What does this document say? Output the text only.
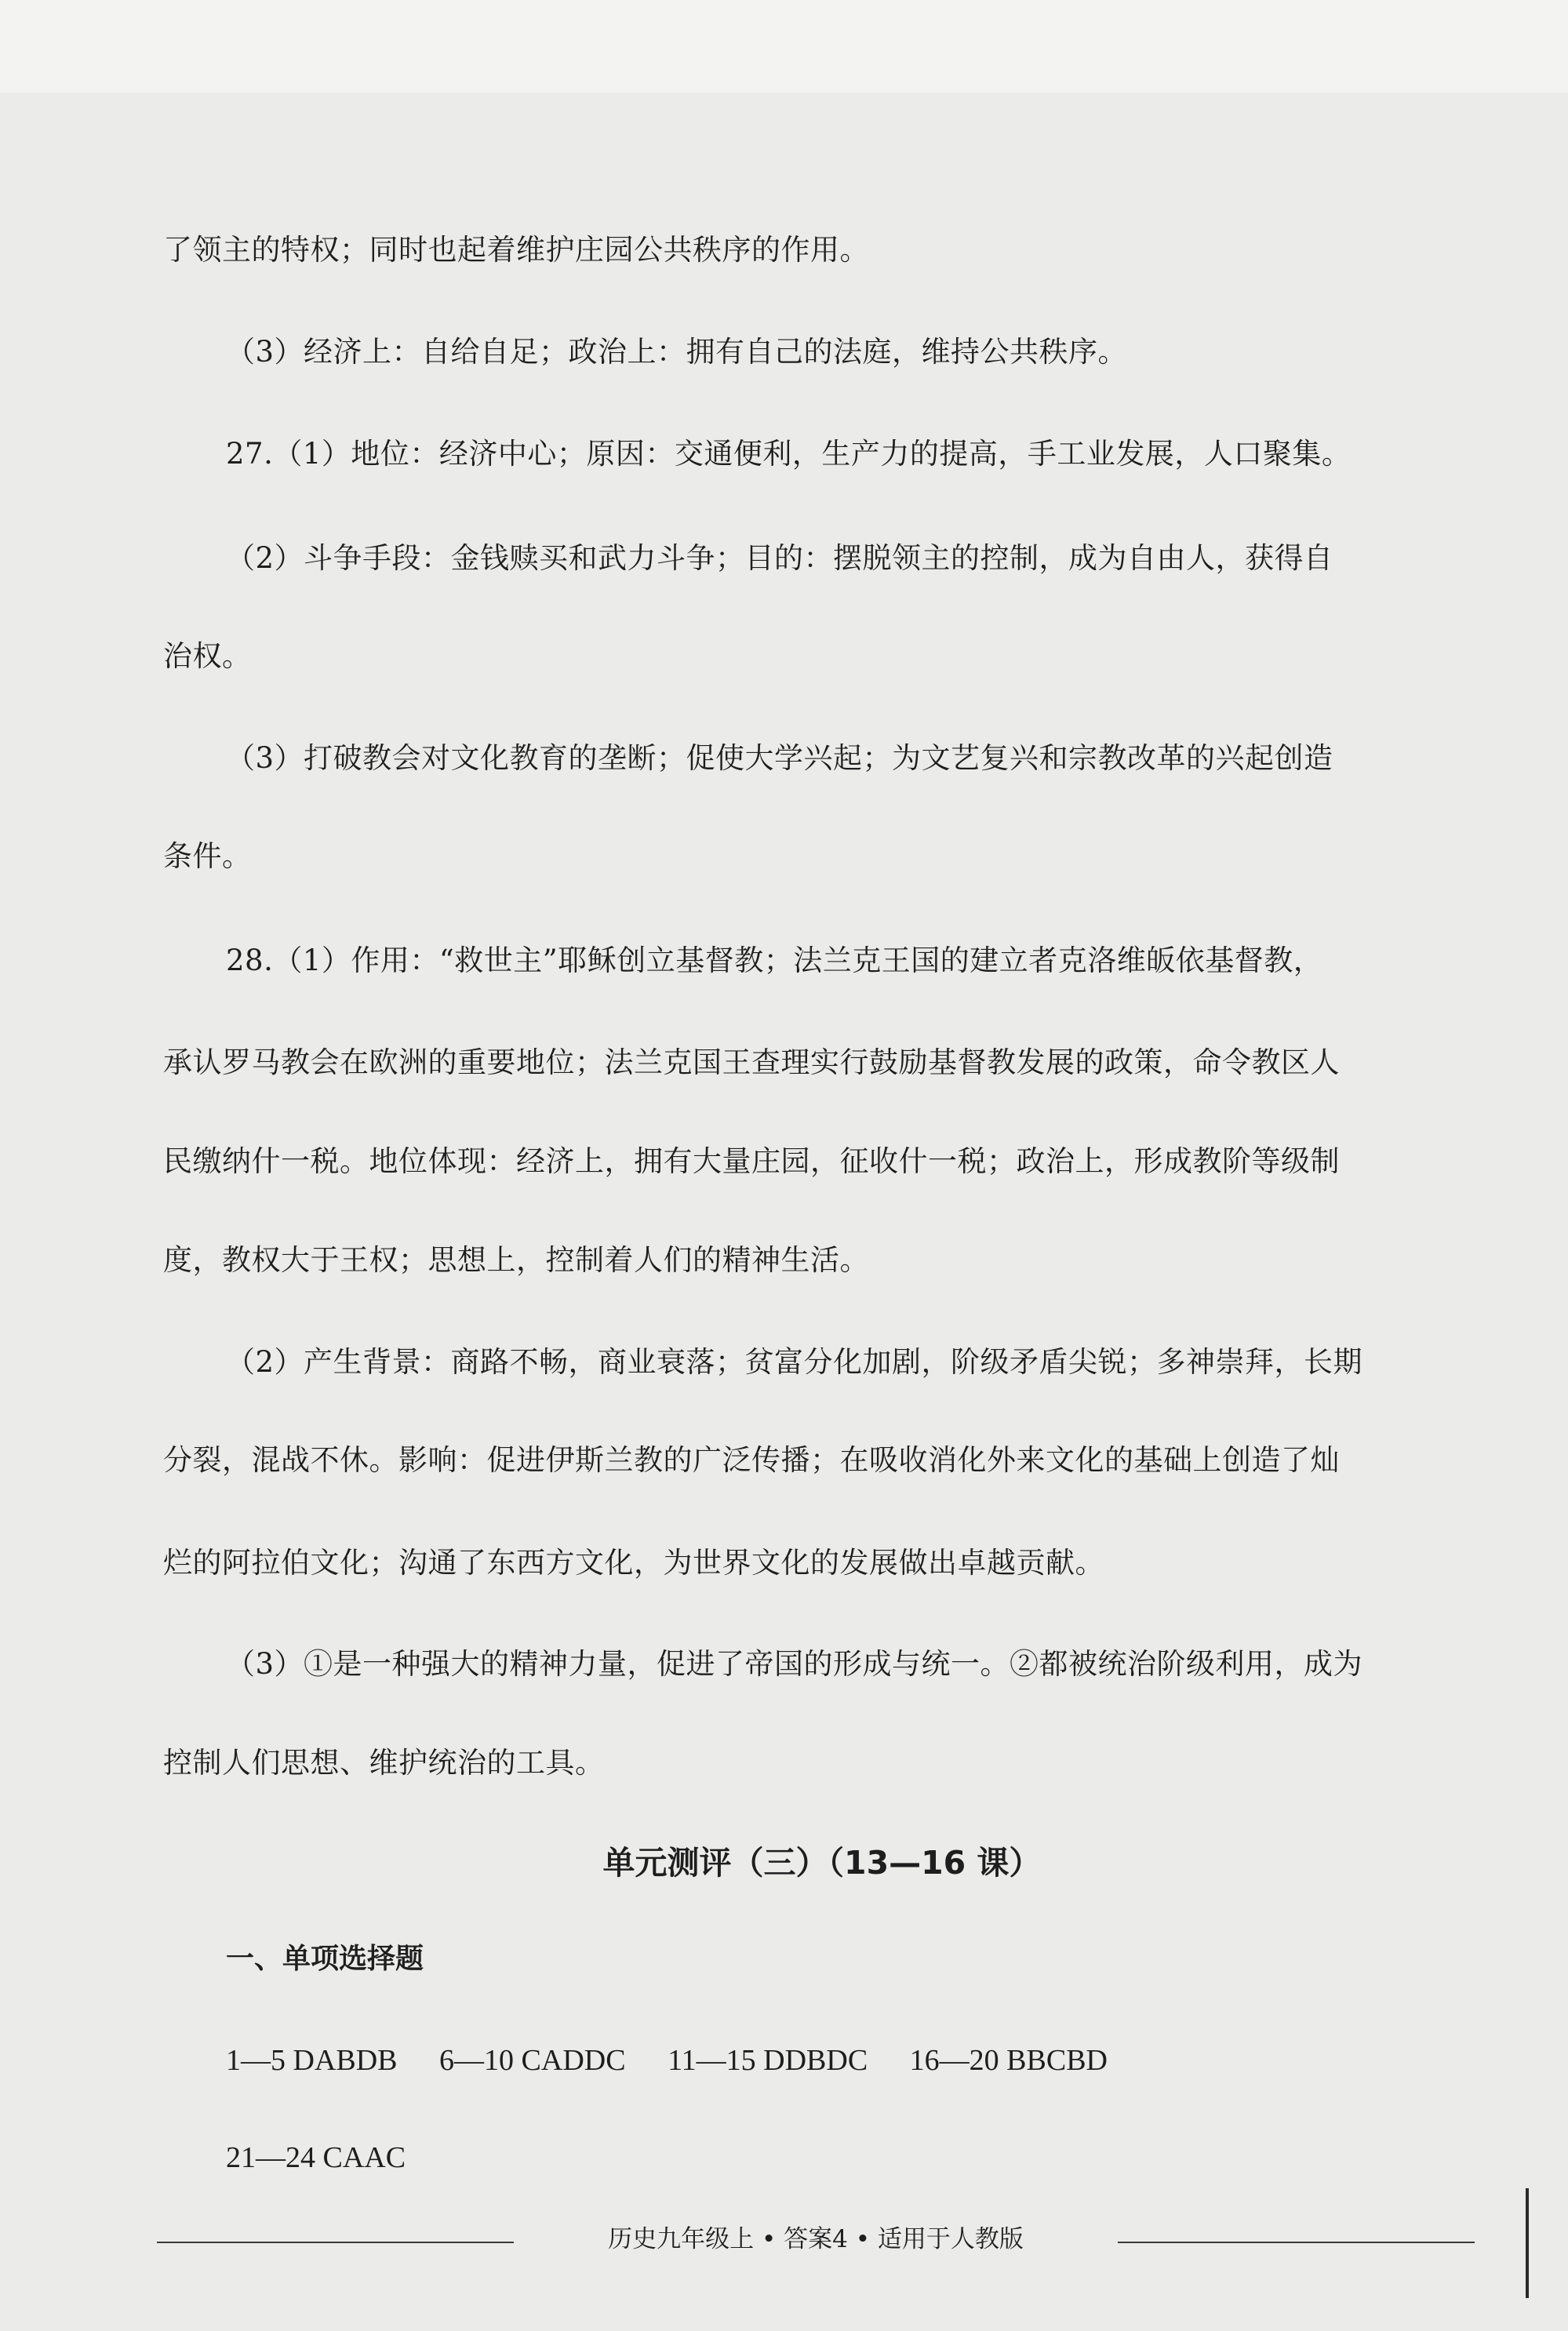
了领主的特权；同时也起着维护庄园公共秩序的作用。
（3）经济上：自给自足；政治上：拥有自己的法庭，维持公共秩序。
27.（1）地位：经济中心；原因：交通便利，生产力的提高，手工业发展，人口聚集。
（2）斗争手段：金钱赎买和武力斗争；目的：摆脱领主的控制，成为自由人，获得自
治权。
（3）打破教会对文化教育的垄断；促使大学兴起；为文艺复兴和宗教改革的兴起创造
条件。
28.（1）作用：“救世主”耶稣创立基督教；法兰克王国的建立者克洛维皈依基督教，
承认罗马教会在欧洲的重要地位；法兰克国王查理实行鼓励基督教发展的政策，命令教区人
民缴纳什一税。地位体现：经济上，拥有大量庄园，征收什一税；政治上，形成教阶等级制
度，教权大于王权；思想上，控制着人们的精神生活。
（2）产生背景：商路不畅，商业衰落；贫富分化加剧，阶级矛盾尖锐；多神崇拜，长期
分裂，混战不休。影响：促进伊斯兰教的广泛传播；在吸收消化外来文化的基础上创造了灿
烂的阿拉伯文化；沟通了东西方文化，为世界文化的发展做出卓越贡献。
（3）①是一种强大的精神力量，促进了帝国的形成与统一。②都被统治阶级利用，成为
控制人们思想、维护统治的工具。
单元测评（三）（13—16 课）
一、单项选择题
1—5 DABDB 6—10 CADDC 11—15 DDBDC 16—20 BBCBD
21—24 CAAC
历史九年级上 • 答案4 • 适用于人教版
